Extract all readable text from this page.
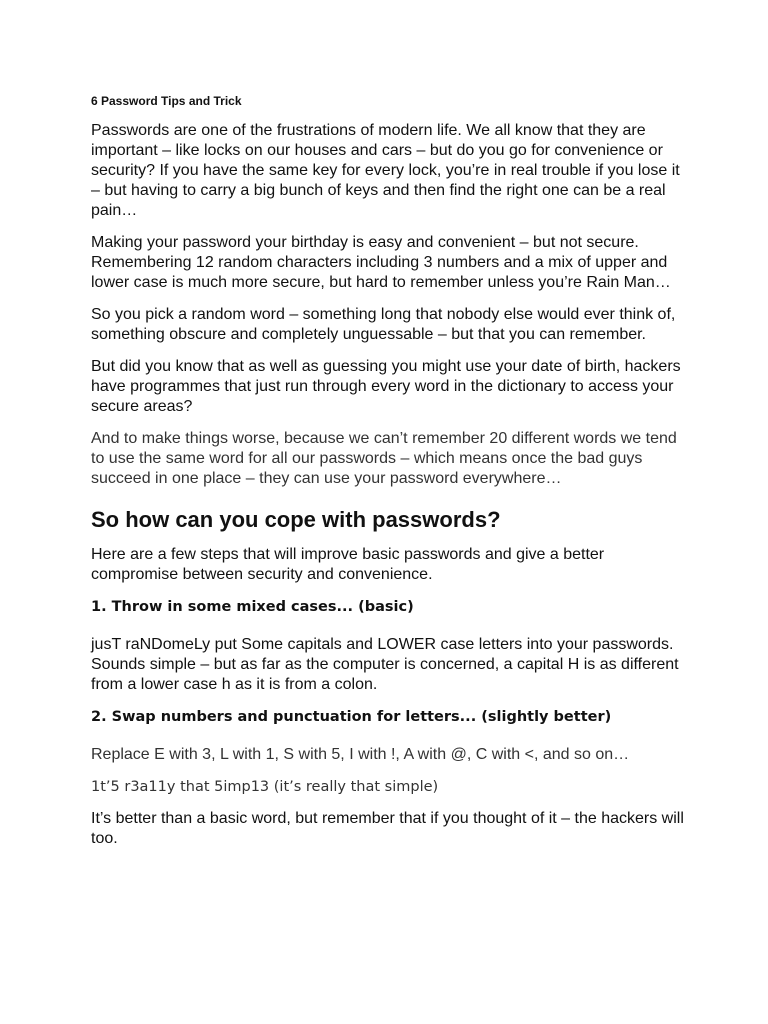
6 Password Tips and Trick

Passwords are one of the frustrations of modern life. We all know that they are important – like locks on our houses and cars – but do you go for convenience or security? If you have the same key for every lock, you’re in real trouble if you lose it – but having to carry a big bunch of keys and then find the right one can be a real pain…

Making your password your birthday is easy and convenient – but not secure. Remembering 12 random characters including 3 numbers and a mix of upper and lower case is much more secure, but hard to remember unless you’re Rain Man…

So you pick a random word – something long that nobody else would ever think of, something obscure and completely unguessable – but that you can remember.

But did you know that as well as guessing you might use your date of birth, hackers have programmes that just run through every word in the dictionary to access your secure areas?

And to make things worse, because we can’t remember 20 different words we tend to use the same word for all our passwords – which means once the bad guys succeed in one place – they can use your password everywhere…

So how can you cope with passwords?

Here are a few steps that will improve basic passwords and give a better compromise between security and convenience.

1. Throw in some mixed cases... (basic)

jusT raNDomeLy put Some capitals and LOWER case letters into your passwords. Sounds simple – but as far as the computer is concerned, a capital H is as different from a lower case h as it is from a colon.

2. Swap numbers and punctuation for letters... (slightly better)

Replace E with 3, L with 1, S with 5, I with !, A with @, C with <, and so on…

1t’5 r3a11y that 5imp13 (it’s really that simple)

It’s better than a basic word, but remember that if you thought of it – the hackers will too.
